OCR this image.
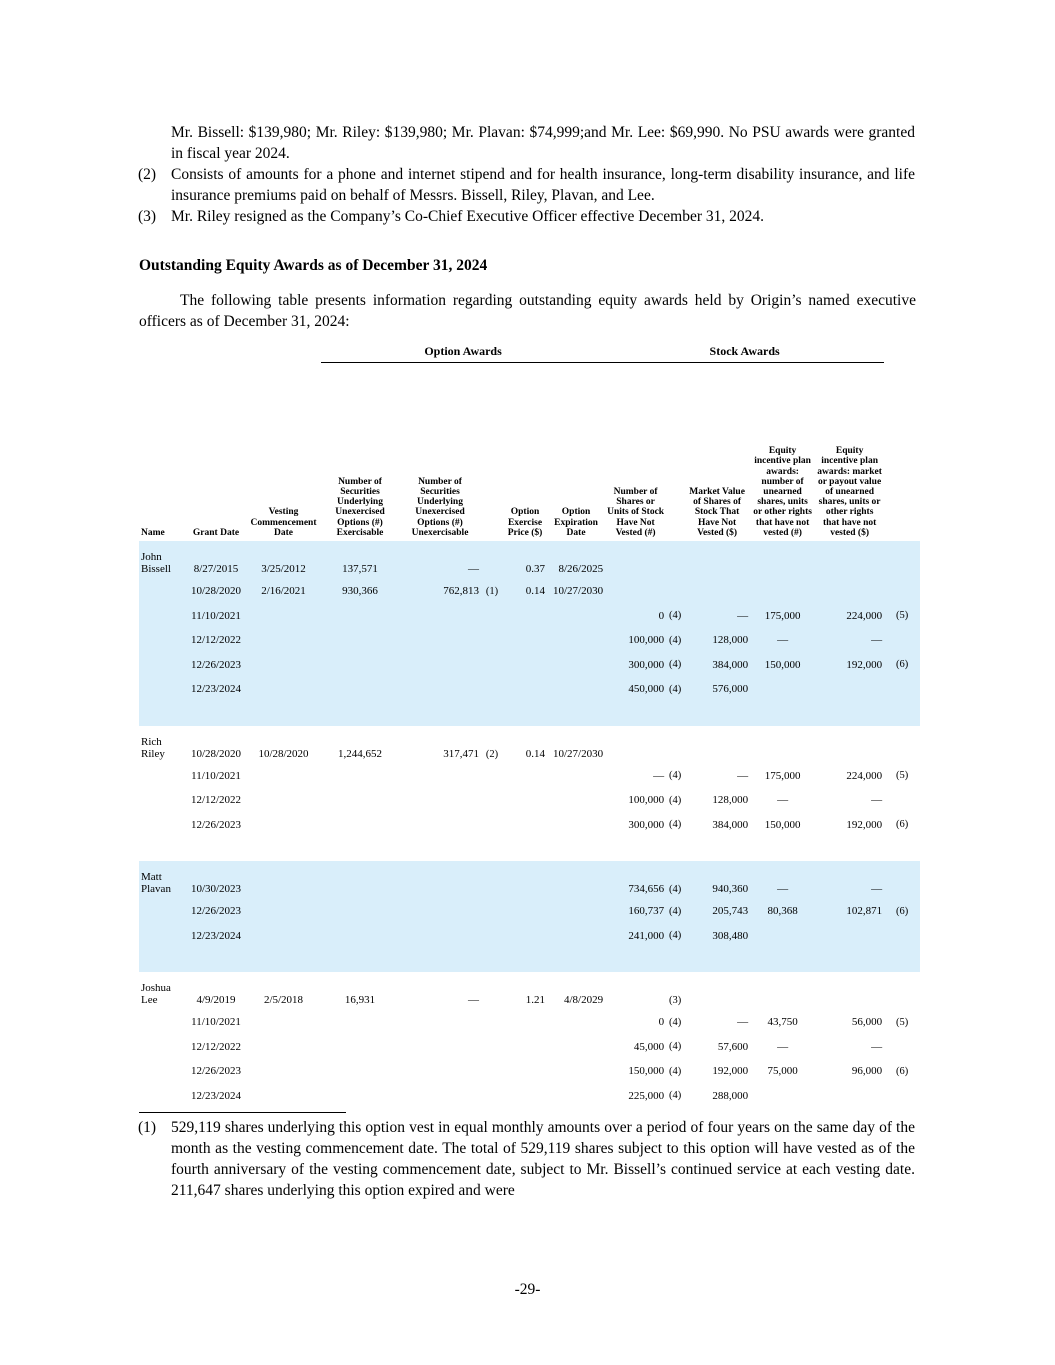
Mr. Bissell: $139,980; Mr. Riley: $139,980; Mr. Plavan: $74,999;and Mr. Lee: $69,990. No PSU awards were granted in fiscal year 2024.
(2) Consists of amounts for a phone and internet stipend and for health insurance, long-term disability insurance, and life insurance premiums paid on behalf of Messrs. Bissell, Riley, Plavan, and Lee.
(3) Mr. Riley resigned as the Company’s Co-Chief Executive Officer effective December 31, 2024.
Outstanding Equity Awards as of December 31, 2024
The following table presents information regarding outstanding equity awards held by Origin’s named executive officers as of December 31, 2024:
			Option Awards					Stock Awards					
Name	Grant Date	Vesting Commencement Date	Number of Securities Underlying Unexercised Options (#) Exercisable	Number of Securities Underlying Unexercised Options (#) Unexercisable		Option Exercise Price ($)	Option Expiration Date	Number of Shares or Units of Stock Have Not Vested (#)		Market Value of Shares of Stock That Have Not Vested ($)	Equity incentive plan awards: number of unearned shares, units or other rights that have not vested (#)	Equity incentive plan awards: market or payout value of unearned shares, units or other rights that have not vested ($)	

John Bissell	8/27/2015	3/25/2012	137,571	—		0.37	8/26/2025						
	10/28/2020	2/16/2021	930,366	762,813	(1)	0.14	10/27/2030						
	11/10/2021							0	(4)	—	175,000	224,000	(5)
	12/12/2022							100,000	(4)	128,000	—	—	
	12/26/2023							300,000	(4)	384,000	150,000	192,000	(6)
	12/23/2024							450,000	(4)	576,000			

Rich Riley	10/28/2020	10/28/2020	1,244,652	317,471	(2)	0.14	10/27/2030						
	11/10/2021							—	(4)	—	175,000	224,000	(5)
	12/12/2022							100,000	(4)	128,000	—	—	
	12/26/2023							300,000	(4)	384,000	150,000	192,000	(6)

Matt Plavan	10/30/2023							734,656	(4)	940,360	—	—	
	12/26/2023							160,737	(4)	205,743	80,368	102,871	(6)
	12/23/2024							241,000	(4)	308,480			

Joshua Lee	4/9/2019	2/5/2018	16,931	—		1.21	4/8/2029		(3)				
	11/10/2021							0	(4)	—	43,750	56,000	(5)
	12/12/2022							45,000	(4)	57,600	—	—	
	12/26/2023							150,000	(4)	192,000	75,000	96,000	(6)
	12/23/2024							225,000	(4)	288,000			

(1) 529,119 shares underlying this option vest in equal monthly amounts over a period of four years on the same day of the month as the vesting commencement date. The total of 529,119 shares subject to this option will have vested as of the fourth anniversary of the vesting commencement date, subject to Mr. Bissell’s continued service at each vesting date. 211,647 shares underlying this option expired and were
-29-
